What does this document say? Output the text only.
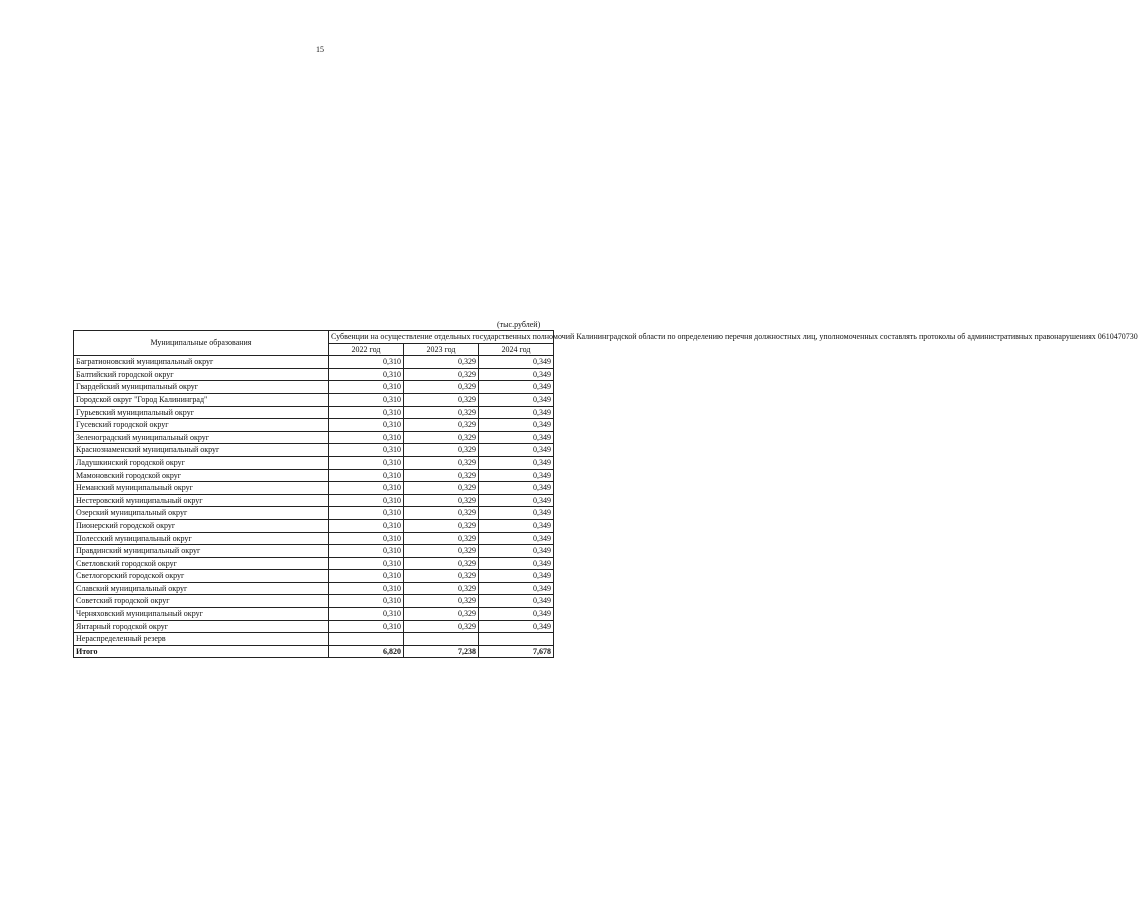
15
(тыс.рублей)
Муниципальные образования	Субвенции на осуществление отдельных государственных полномочий Калининградской области по определению перечня должностных лиц, уполномоченных составлять протоколы об административных правонарушениях 0610470730		
	2022 год	2023 год	2024 год
Багратионовский муниципальный округ	0,310	0,329	0,349
Балтийский городской округ	0,310	0,329	0,349
Гвардейский муниципальный округ	0,310	0,329	0,349
Городской округ "Город Калининград"	0,310	0,329	0,349
Гурьевский муниципальный округ	0,310	0,329	0,349
Гусевский городской округ	0,310	0,329	0,349
Зеленоградский муниципальный округ	0,310	0,329	0,349
Краснознаменский муниципальный округ	0,310	0,329	0,349
Ладушкинский городской округ	0,310	0,329	0,349
Мамоновский городской округ	0,310	0,329	0,349
Неманский муниципальный округ	0,310	0,329	0,349
Нестеровский муниципальный округ	0,310	0,329	0,349
Озерский муниципальный округ	0,310	0,329	0,349
Пионерский городской округ	0,310	0,329	0,349
Полесский муниципальный округ	0,310	0,329	0,349
Правдинский муниципальный округ	0,310	0,329	0,349
Светловский городской округ	0,310	0,329	0,349
Светлогорский городской округ	0,310	0,329	0,349
Славский муниципальный округ	0,310	0,329	0,349
Советский городской округ	0,310	0,329	0,349
Черняховский муниципальный округ	0,310	0,329	0,349
Янтарный городской округ	0,310	0,329	0,349
Нераспределенный резерв			
Итого	6,820	7,238	7,678
